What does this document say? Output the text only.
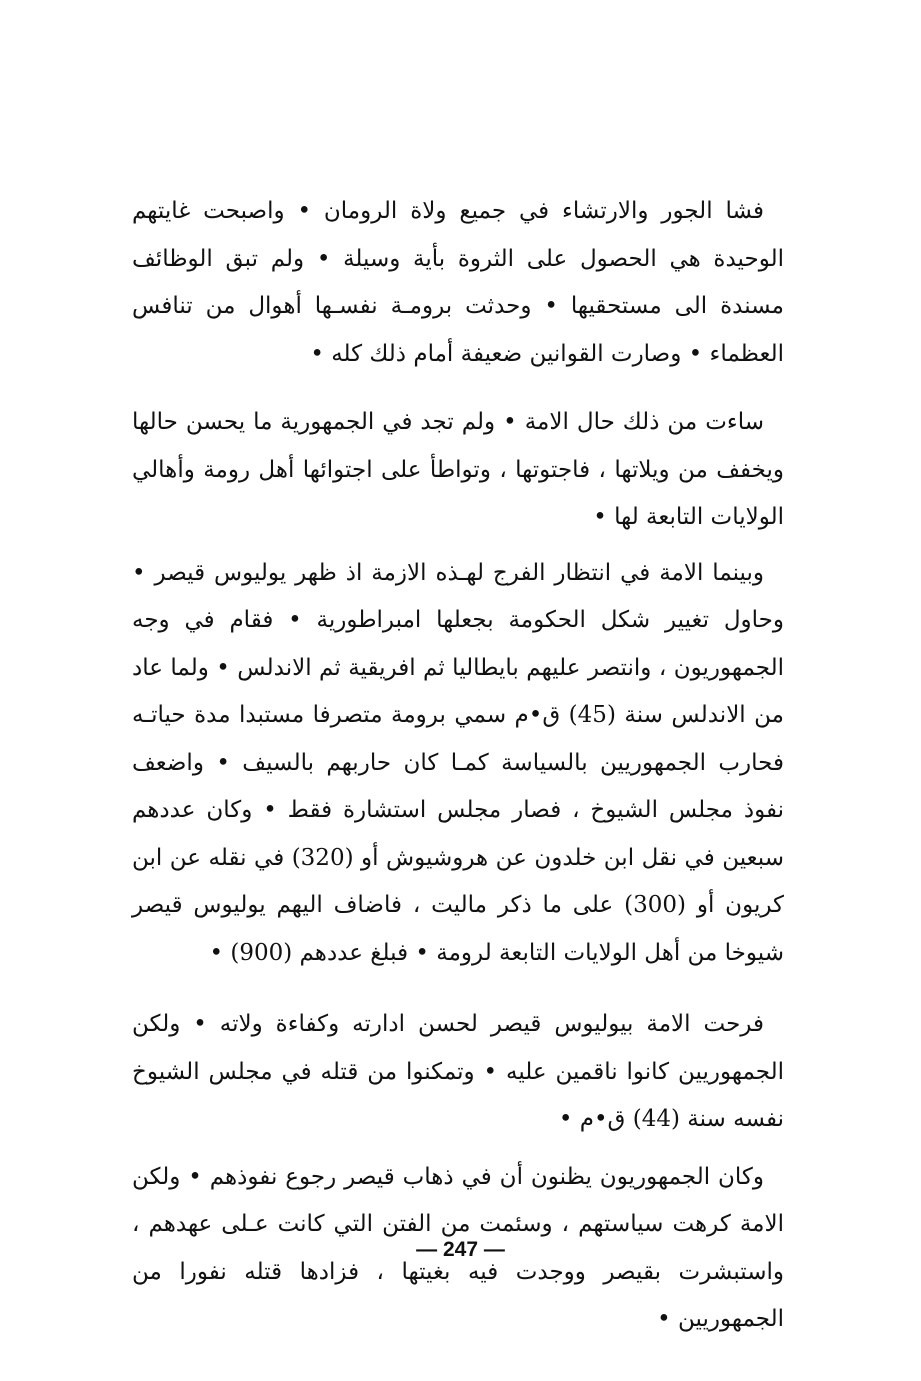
فشا الجور والارتشاء في جميع ولاة الرومان • واصبحت غايتهم الوحيدة هي الحصول على الثروة بأية وسيلة • ولم تبق الوظائف مسندة الى مستحقيها • وحدثت برومـة نفسـها أهوال من تنافس العظماء • وصارت القوانين ضعيفة أمام ذلك كله •

ساءت من ذلك حال الامة • ولم تجد في الجمهورية ما يحسن حالها ويخفف من ويلاتها ، فاجتوتها ، وتواطأ على اجتوائها أهل رومة وأهالي الولايات التابعة لها •

وبينما الامة في انتظار الفرج لهـذه الازمة اذ ظهر يوليوس قيصر • وحاول تغيير شكل الحكومة بجعلها امبراطورية • فقام في وجه الجمهوريون ، وانتصر عليهم بايطاليا ثم افريقية ثم الاندلس • ولما عاد من الاندلس سنة (45) ق•م سمي برومة متصرفا مستبدا مدة حياتـه فحارب الجمهوريين بالسياسة كمـا كان حاربهم بالسيف • واضعف نفوذ مجلس الشيوخ ، فصار مجلس استشارة فقط • وكان عددهم سبعين في نقل ابن خلدون عن هروشيوش أو (320) في نقله عن ابن كريون أو (300) على ما ذكر ماليت ، فاضاف اليهم يوليوس قيصر شيوخا من أهل الولايات التابعة لرومة • فبلغ عددهم (900) •

فرحت الامة بيوليوس قيصر لحسن ادارته وكفاءة ولاته • ولكن الجمهوريين كانوا ناقمين عليه • وتمكنوا من قتله في مجلس الشيوخ نفسه سنة (44) ق•م •

وكان الجمهوريون يظنون أن في ذهاب قيصر رجوع نفوذهم • ولكن الامة كرهت سياستهم ، وسئمت من الفتن التي كانت عـلى عهدهم ، واستبشرت بقيصر ووجدت فيه بغيتها ، فزادها قتله نفورا من الجمهوريين •

— 247 —
